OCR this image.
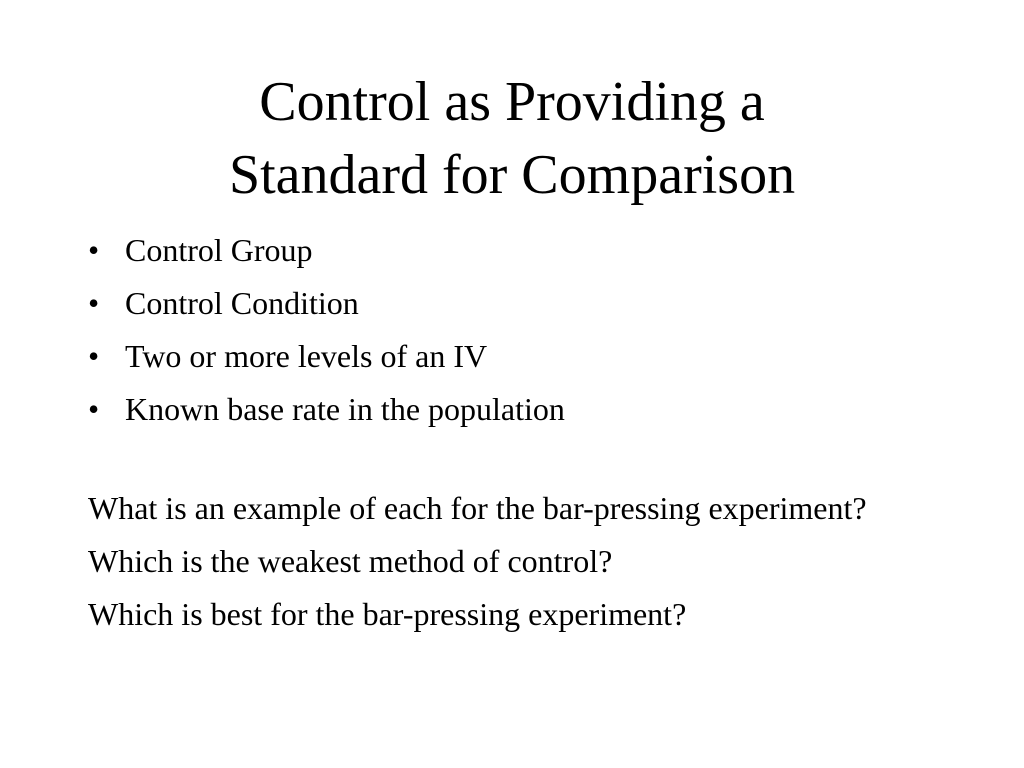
Control as Providing a
Standard for Comparison
• Control Group
• Control Condition
• Two or more levels of an IV
• Known base rate in the population

What is an example of each for the bar-pressing experiment?

Which is the weakest method of control?

Which is best for the bar-pressing experiment?
